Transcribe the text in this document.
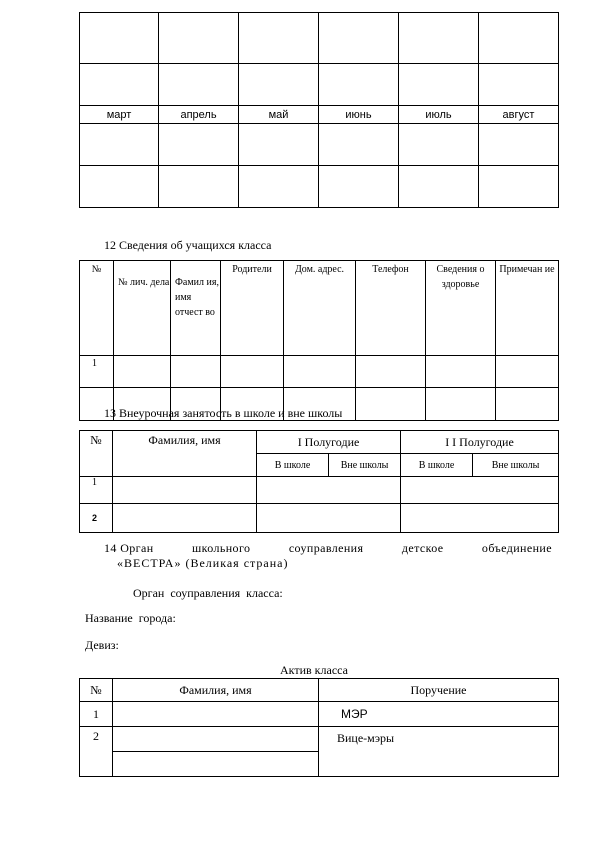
март	апрель	май	июнь	июль	август

12 Сведения об учащихся класса
№	№ лич. дела	Фамил ия, имя отчест во	Родители	Дом. адрес.	Телефон	Сведения о здоровье	Примечан ие
1							

13 Внеурочная занятость в школе и вне школы
№	Фамилия, имя	I Полугодие		I I Полугодие	
		В школе	Вне школы	В школе	Вне школы
1					
2					
14 Орган	школьного	соуправления	детское	объединение
«ВЕСТРА» (Великая страна)
Орган соуправления класса:
Название города:
Девиз:
Актив класса
№	Фамилия, имя	Поручение
1		МЭР
2		Вице-мэры
